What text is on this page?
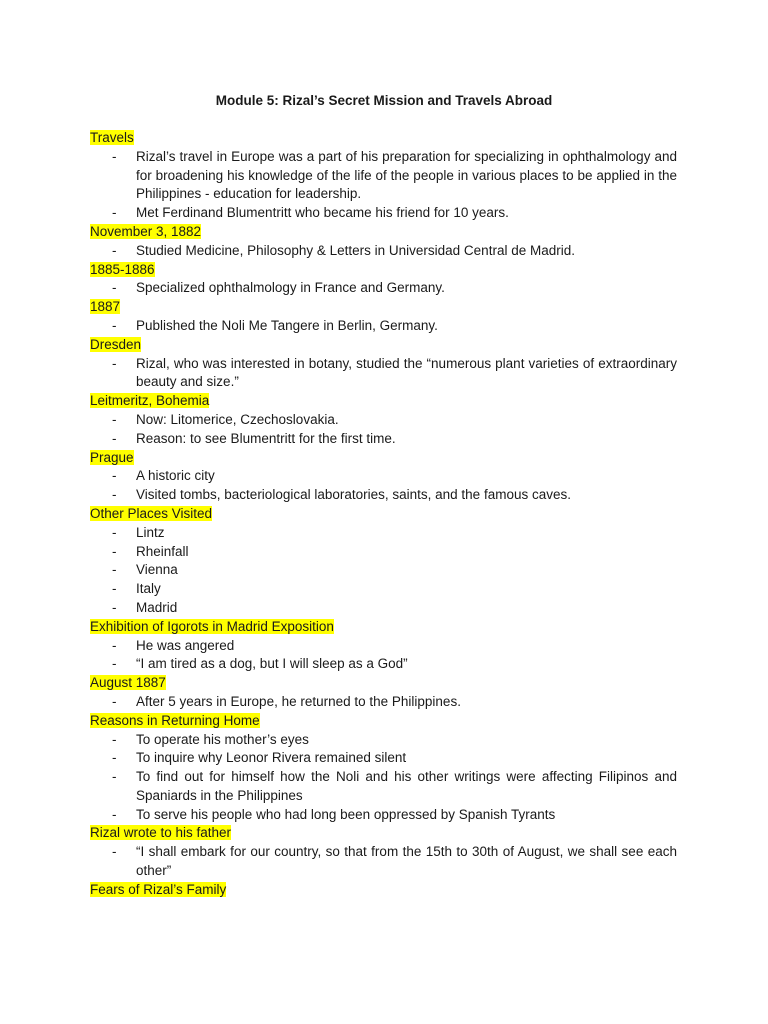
Module 5: Rizal’s Secret Mission and Travels Abroad
Travels
- Rizal’s travel in Europe was a part of his preparation for specializing in ophthalmology and for broadening his knowledge of the life of the people in various places to be applied in the Philippines - education for leadership.
- Met Ferdinand Blumentritt who became his friend for 10 years.
November 3, 1882
- Studied Medicine, Philosophy & Letters in Universidad Central de Madrid.
1885-1886
- Specialized ophthalmology in France and Germany.
1887
- Published the Noli Me Tangere in Berlin, Germany.
Dresden
- Rizal, who was interested in botany, studied the “numerous plant varieties of extraordinary beauty and size.”
Leitmeritz, Bohemia
- Now: Litomerice, Czechoslovakia.
- Reason: to see Blumentritt for the first time.
Prague
- A historic city
- Visited tombs, bacteriological laboratories, saints, and the famous caves.
Other Places Visited
- Lintz
- Rheinfall
- Vienna
- Italy
- Madrid
Exhibition of Igorots in Madrid Exposition
- He was angered
- “I am tired as a dog, but I will sleep as a God”
August 1887
- After 5 years in Europe, he returned to the Philippines.
Reasons in Returning Home
- To operate his mother’s eyes
- To inquire why Leonor Rivera remained silent
- To find out for himself how the Noli and his other writings were affecting Filipinos and Spaniards in the Philippines
- To serve his people who had long been oppressed by Spanish Tyrants
Rizal wrote to his father
- “I shall embark for our country, so that from the 15th to 30th of August, we shall see each other”
Fears of Rizal’s Family
